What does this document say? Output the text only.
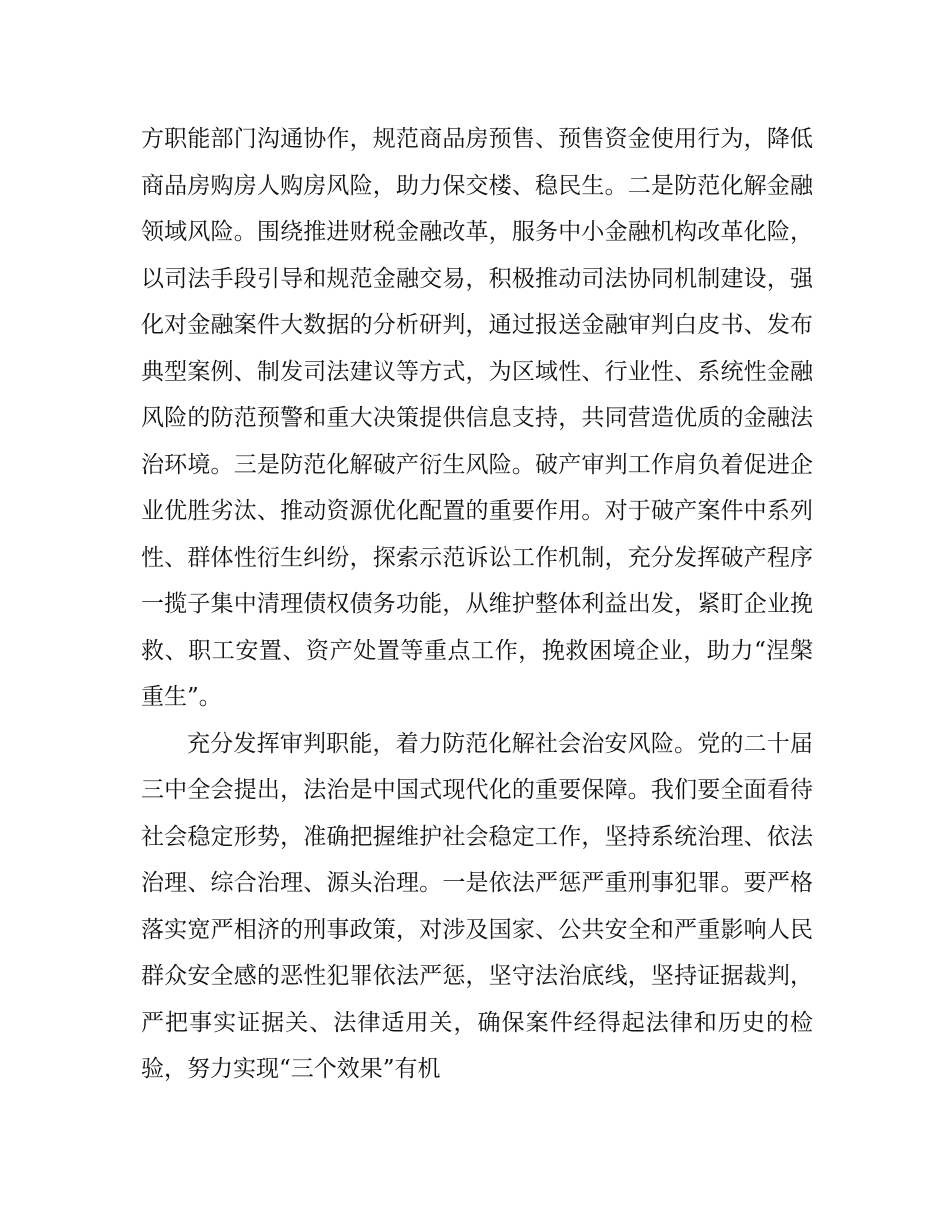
方职能部门沟通协作，规范商品房预售、预售资金使用行为，降低商品房购房人购房风险，助力保交楼、稳民生。二是防范化解金融领域风险。围绕推进财税金融改革，服务中小金融机构改革化险，以司法手段引导和规范金融交易，积极推动司法协同机制建设，强化对金融案件大数据的分析研判，通过报送金融审判白皮书、发布典型案例、制发司法建议等方式，为区域性、行业性、系统性金融风险的防范预警和重大决策提供信息支持，共同营造优质的金融法治环境。三是防范化解破产衍生风险。破产审判工作肩负着促进企业优胜劣汰、推动资源优化配置的重要作用。对于破产案件中系列性、群体性衍生纠纷，探索示范诉讼工作机制，充分发挥破产程序一揽子集中清理债权债务功能，从维护整体利益出发，紧盯企业挽救、职工安置、资产处置等重点工作，挽救困境企业，助力“涅槃重生”。

充分发挥审判职能，着力防范化解社会治安风险。党的二十届三中全会提出，法治是中国式现代化的重要保障。我们要全面看待社会稳定形势，准确把握维护社会稳定工作，坚持系统治理、依法治理、综合治理、源头治理。一是依法严惩严重刑事犯罪。要严格落实宽严相济的刑事政策，对涉及国家、公共安全和严重影响人民群众安全感的恶性犯罪依法严惩，坚守法治底线，坚持证据裁判，严把事实证据关、法律适用关，确保案件经得起法律和历史的检验，努力实现“三个效果”有机
